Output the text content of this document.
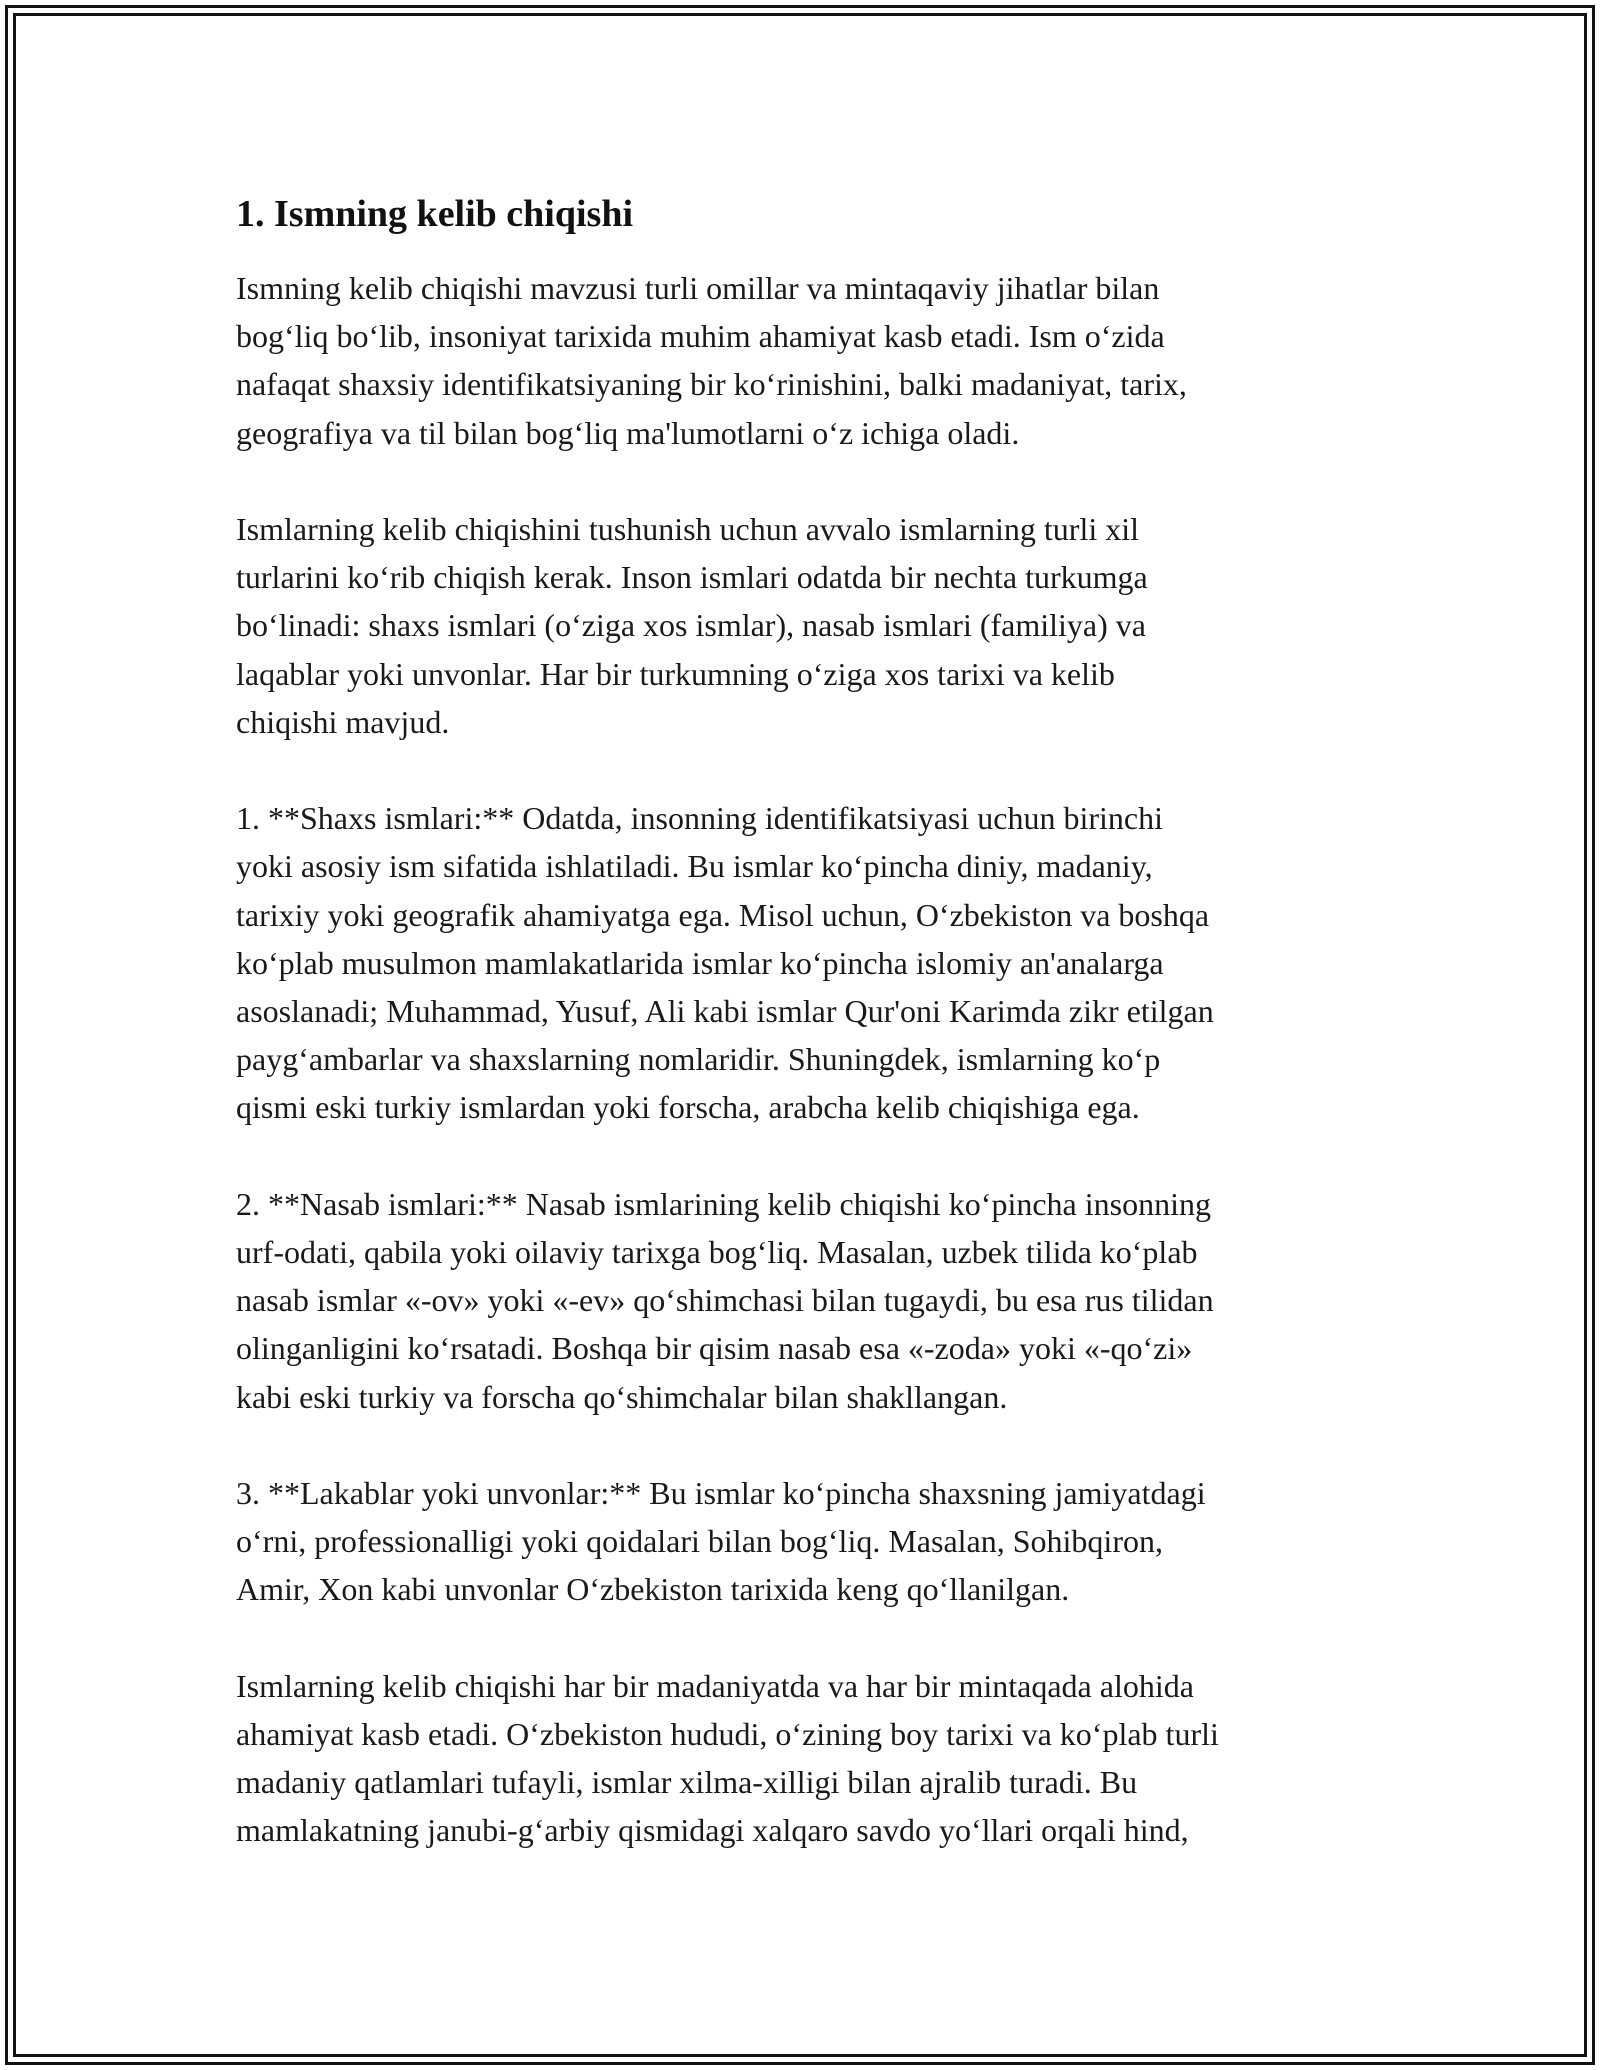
1. Ismning kelib chiqishi

Ismning kelib chiqishi mavzusi turli omillar va mintaqaviy jihatlar bilan
bog‘liq bo‘lib, insoniyat tarixida muhim ahamiyat kasb etadi. Ism o‘zida
nafaqat shaxsiy identifikatsiyaning bir ko‘rinishini, balki madaniyat, tarix,
geografiya va til bilan bog‘liq ma'lumotlarni o‘z ichiga oladi.

Ismlarning kelib chiqishini tushunish uchun avvalo ismlarning turli xil
turlarini ko‘rib chiqish kerak. Inson ismlari odatda bir nechta turkumga
bo‘linadi: shaxs ismlari (o‘ziga xos ismlar), nasab ismlari (familiya) va
laqablar yoki unvonlar. Har bir turkumning o‘ziga xos tarixi va kelib
chiqishi mavjud.

1. **Shaxs ismlari:** Odatda, insonning identifikatsiyasi uchun birinchi
yoki asosiy ism sifatida ishlatiladi. Bu ismlar ko‘pincha diniy, madaniy,
tarixiy yoki geografik ahamiyatga ega. Misol uchun, O‘zbekiston va boshqa
ko‘plab musulmon mamlakatlarida ismlar ko‘pincha islomiy an'analarga
asoslanadi; Muhammad, Yusuf, Ali kabi ismlar Qur'oni Karimda zikr etilgan
payg‘ambarlar va shaxslarning nomlaridir. Shuningdek, ismlarning ko‘p
qismi eski turkiy ismlardan yoki forscha, arabcha kelib chiqishiga ega.

2. **Nasab ismlari:** Nasab ismlarining kelib chiqishi ko‘pincha insonning
urf-odati, qabila yoki oilaviy tarixga bog‘liq. Masalan, uzbek tilida ko‘plab
nasab ismlar «-ov» yoki «-ev» qo‘shimchasi bilan tugaydi, bu esa rus tilidan
olinganligini ko‘rsatadi. Boshqa bir qisim nasab esa «-zoda» yoki «-qo‘zi»
kabi eski turkiy va forscha qo‘shimchalar bilan shakllangan.

3. **Lakablar yoki unvonlar:** Bu ismlar ko‘pincha shaxsning jamiyatdagi
o‘rni, professionalligi yoki qoidalari bilan bog‘liq. Masalan, Sohibqiron,
Amir, Xon kabi unvonlar O‘zbekiston tarixida keng qo‘llanilgan.

Ismlarning kelib chiqishi har bir madaniyatda va har bir mintaqada alohida
ahamiyat kasb etadi. O‘zbekiston hududi, o‘zining boy tarixi va ko‘plab turli
madaniy qatlamlari tufayli, ismlar xilma-xilligi bilan ajralib turadi. Bu
mamlakatning janubi-g‘arbiy qismidagi xalqaro savdo yo‘llari orqali hind,
